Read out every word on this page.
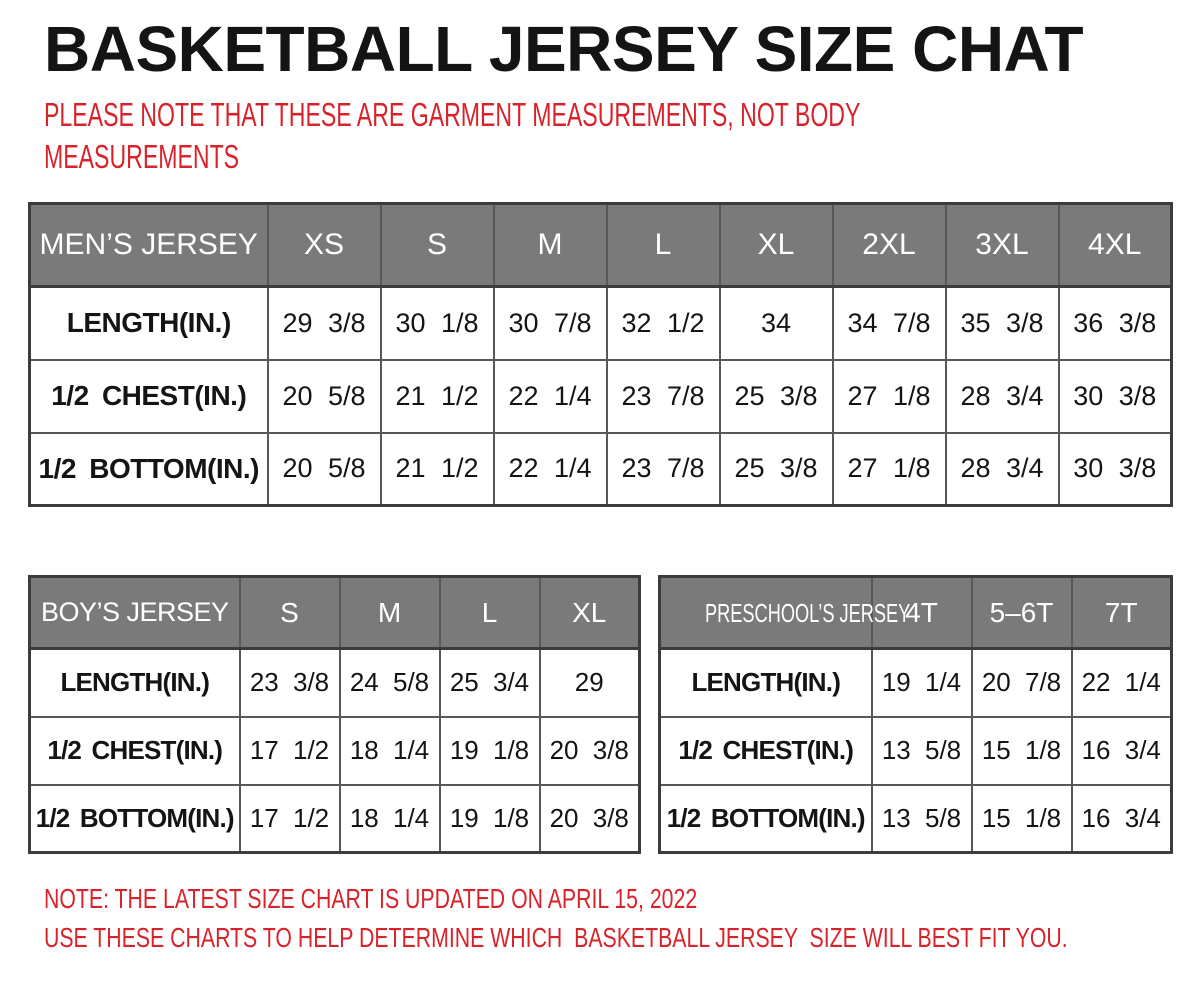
BASKETBALL JERSEY SIZE CHAT
PLEASE NOTE THAT THESE ARE GARMENT MEASUREMENTS, NOT BODY MEASUREMENTS
MEN’S JERSEY	XS	S	M	L	XL	2XL	3XL	4XL
LENGTH(IN.)	29 3/8	30 1/8	30 7/8	32 1/2	34	34 7/8	35 3/8	36 3/8
1/2 CHEST(IN.)	20 5/8	21 1/2	22 1/4	23 7/8	25 3/8	27 1/8	28 3/4	30 3/8
1/2 BOTTOM(IN.)	20 5/8	21 1/2	22 1/4	23 7/8	25 3/8	27 1/8	28 3/4	30 3/8
BOY’S JERSEY	S	M	L	XL
LENGTH(IN.)	23 3/8	24 5/8	25 3/4	29
1/2 CHEST(IN.)	17 1/2	18 1/4	19 1/8	20 3/8
1/2 BOTTOM(IN.)	17 1/2	18 1/4	19 1/8	20 3/8
PRESCHOOL’S JERSEY	4T	5–6T	7T
LENGTH(IN.)	19 1/4	20 7/8	22 1/4
1/2 CHEST(IN.)	13 5/8	15 1/8	16 3/4
1/2 BOTTOM(IN.)	13 5/8	15 1/8	16 3/4
NOTE: THE LATEST SIZE CHART IS UPDATED ON APRIL 15, 2022
USE THESE CHARTS TO HELP DETERMINE WHICH  BASKETBALL JERSEY  SIZE WILL BEST FIT YOU.
